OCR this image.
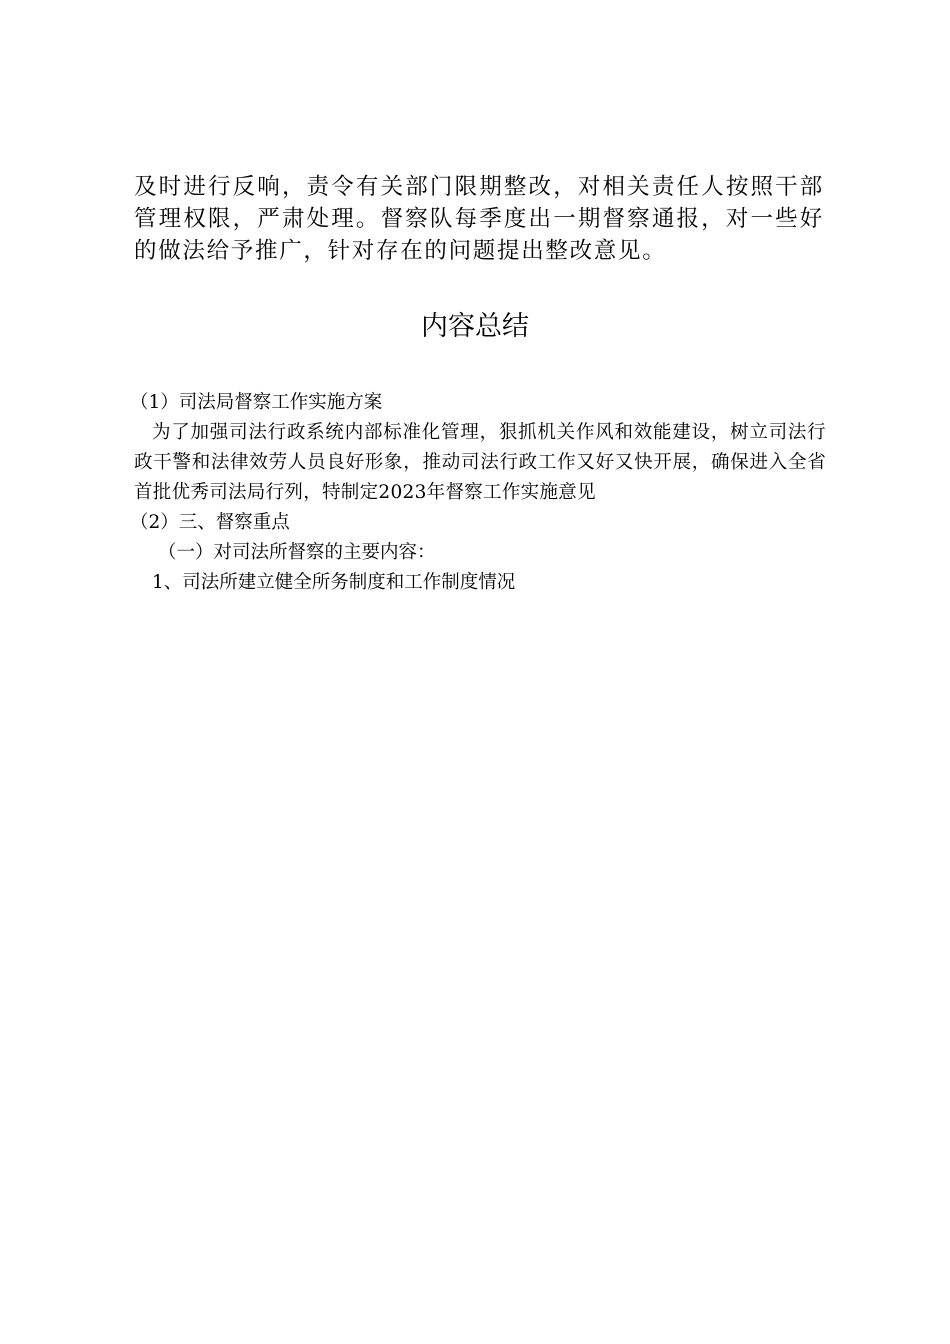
及时进行反响，责令有关部门限期整改，对相关责任人按照干部管理权限，严肃处理。督察队每季度出一期督察通报，对一些好的做法给予推广，针对存在的问题提出整改意见。

内容总结

（1）司法局督察工作实施方案

为了加强司法行政系统内部标准化管理，狠抓机关作风和效能建设，树立司法行政干警和法律效劳人员良好形象，推动司法行政工作又好又快开展，确保进入全省首批优秀司法局行列，特制定2023年督察工作实施意见

（2）三、督察重点

（一）对司法所督察的主要内容：

1、司法所建立健全所务制度和工作制度情况
